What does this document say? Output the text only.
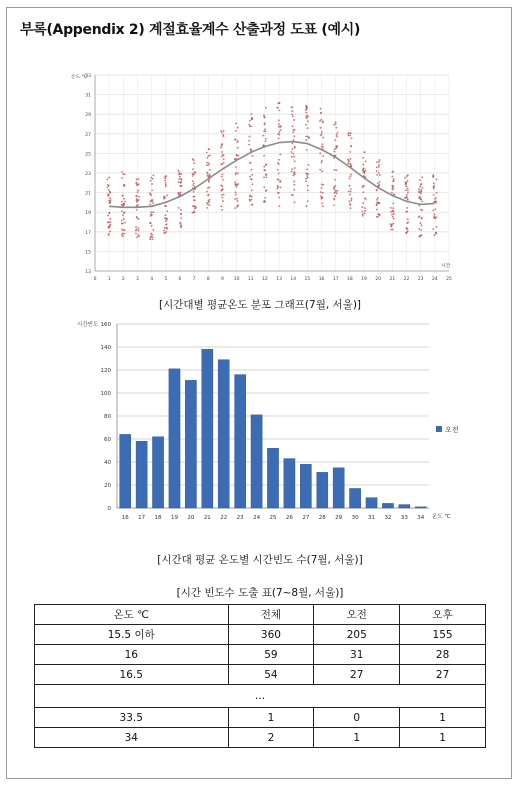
부록(Appendix 2) 계절효율계수 산출과정 도표 (예시)
13
15
17
19
21
23
25
27
29
31
33
0	1	2	3	4	5	6	7	8	9 10 11 12 13 14 15 16 17 18 19 20 21 22 23 24 25
온도 ℃
시간
[시간대별 평균온도 분포 그래프(7월, 서울)]
0
20
40
60
80
100
120
140
160
시간빈도
온도 ℃
16 17 18 19 20 21 22 23 24 25 26 27 28 29 30 31 32 33 34
오전
[시간대 평균 온도별 시간빈도 수(7월, 서울)]
[시간 빈도수 도출 표(7~8월, 서울)]
온도 ℃	전체	오전	오후
15.5 이하	360	205	155
16	59	31	28
16.5	54	27	27
…			
33.5	1	0	1
34	2	1	1
